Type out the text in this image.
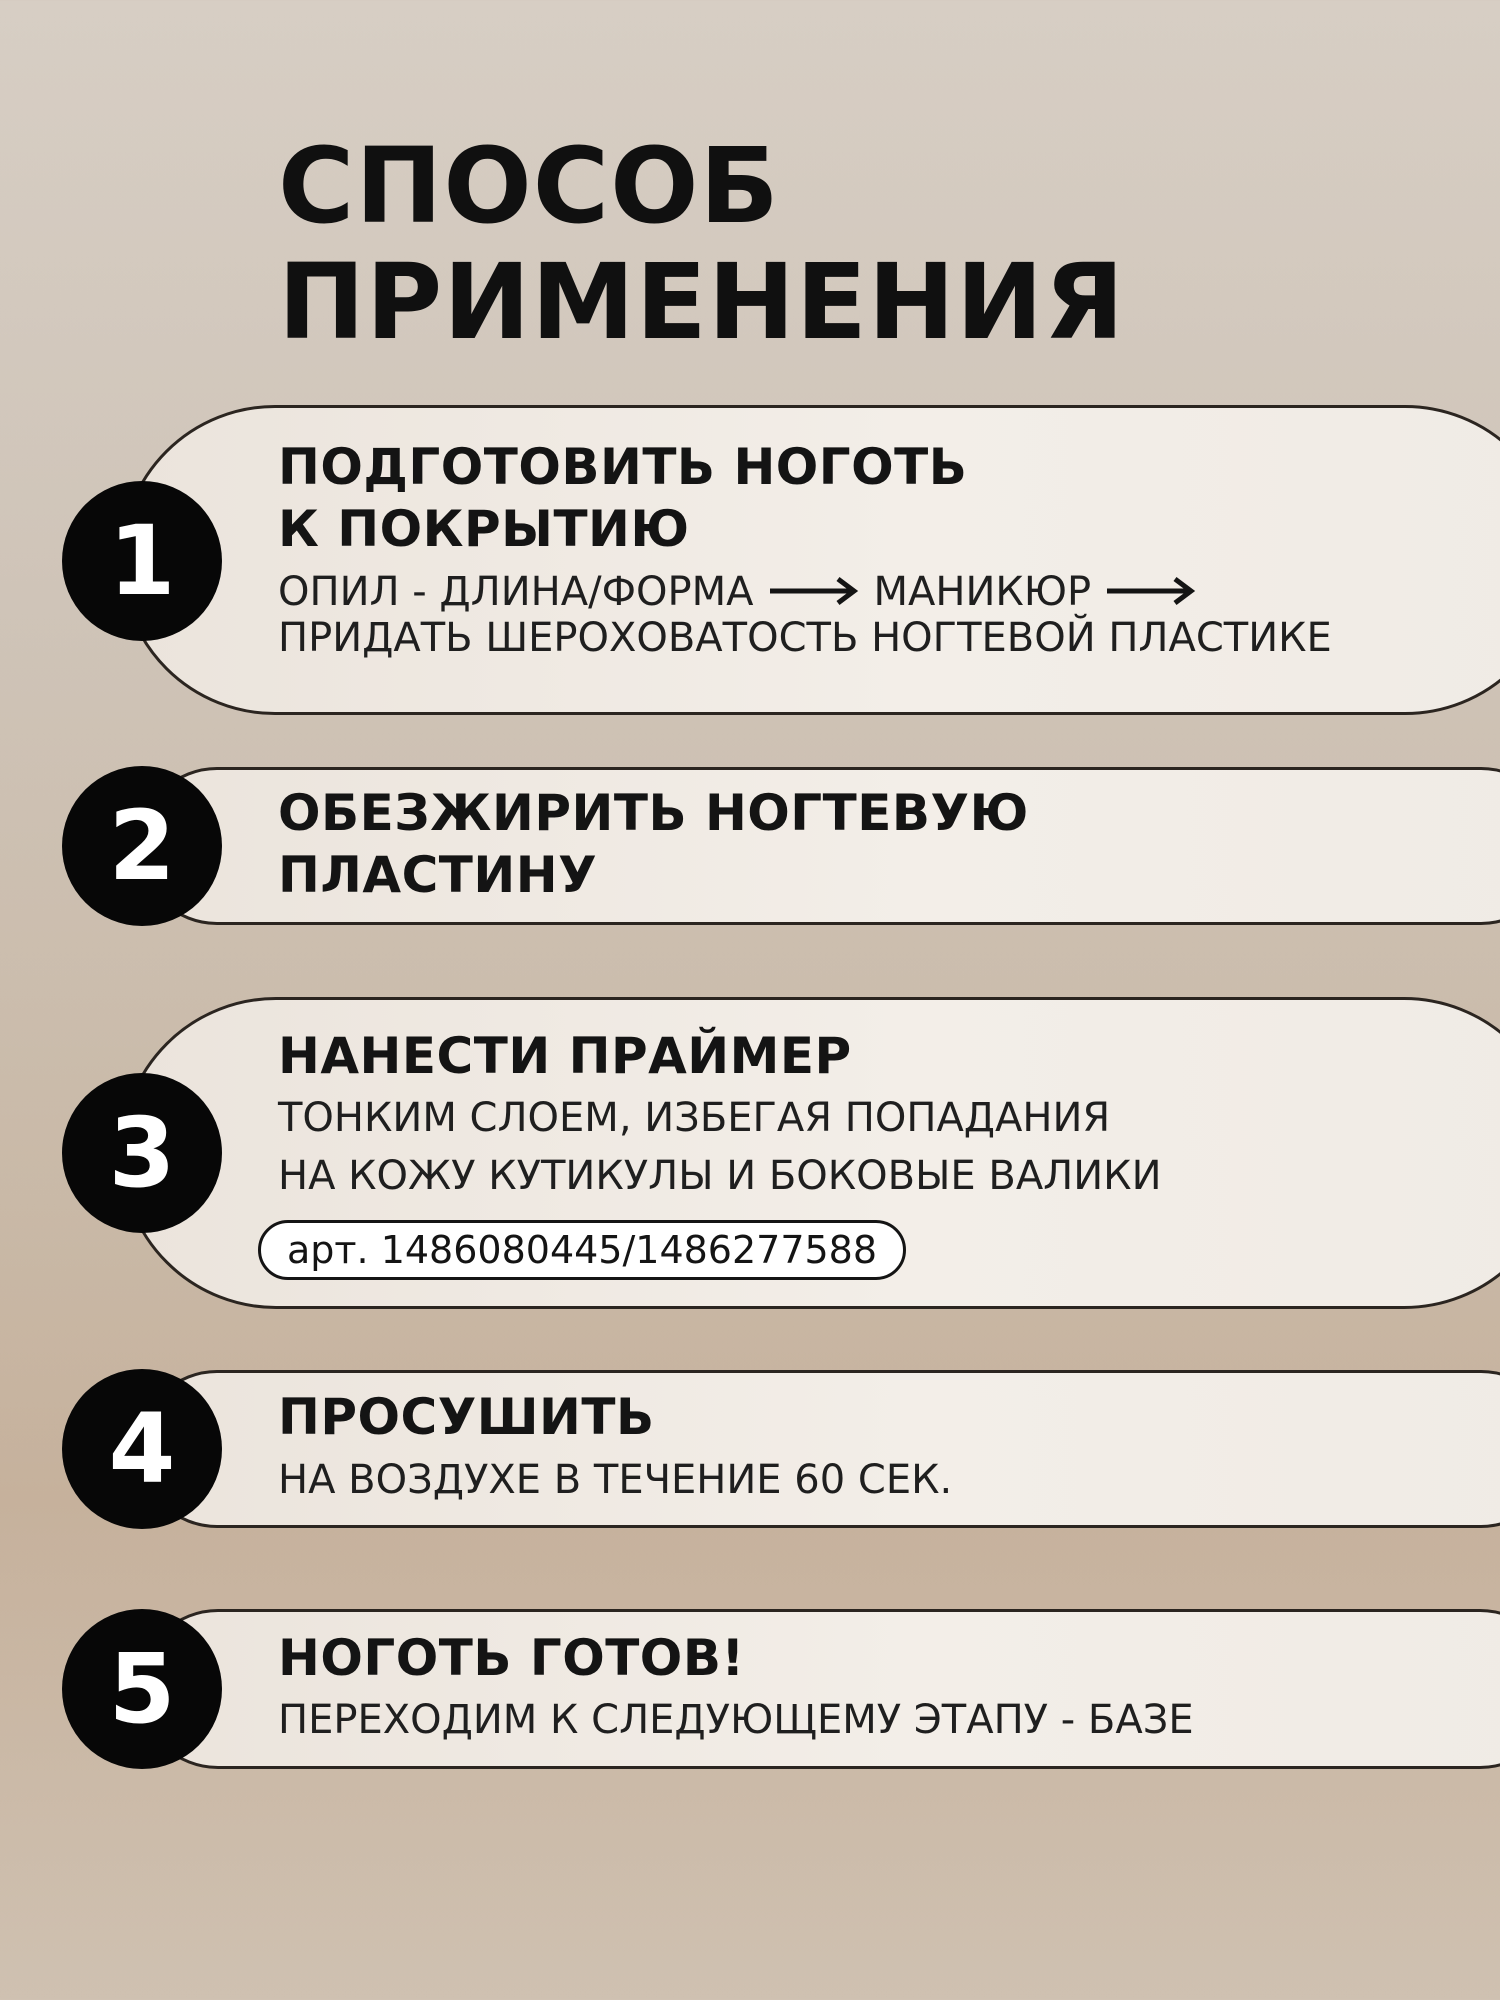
СПОСОБ
ПРИМЕНЕНИЯ
1
ПОДГОТОВИТЬ НОГОТЬ
К ПОКРЫТИЮ
ОПИЛ - ДЛИНА/ФОРМА	МАНИКЮР
ПРИДАТЬ ШЕРОХОВАТОСТЬ НОГТЕВОЙ ПЛАСТИКЕ
2 ОБЕЗЖИРИТЬ НОГТЕВУЮ
ПЛАСТИНУ
3
НАНЕСТИ ПРАЙМЕР
ТОНКИМ СЛОЕМ, ИЗБЕГАЯ ПОПАДАНИЯ
НА КОЖУ КУТИКУЛЫ И БОКОВЫЕ ВАЛИКИ
арт. 1486080445/1486277588
4 ПРОСУШИТЬ
НА ВОЗДУХЕ В ТЕЧЕНИЕ 60 СЕК.
5 НОГОТЬ ГОТОВ!
ПЕРЕХОДИМ К СЛЕДУЮЩЕМУ ЭТАПУ - БАЗЕ
